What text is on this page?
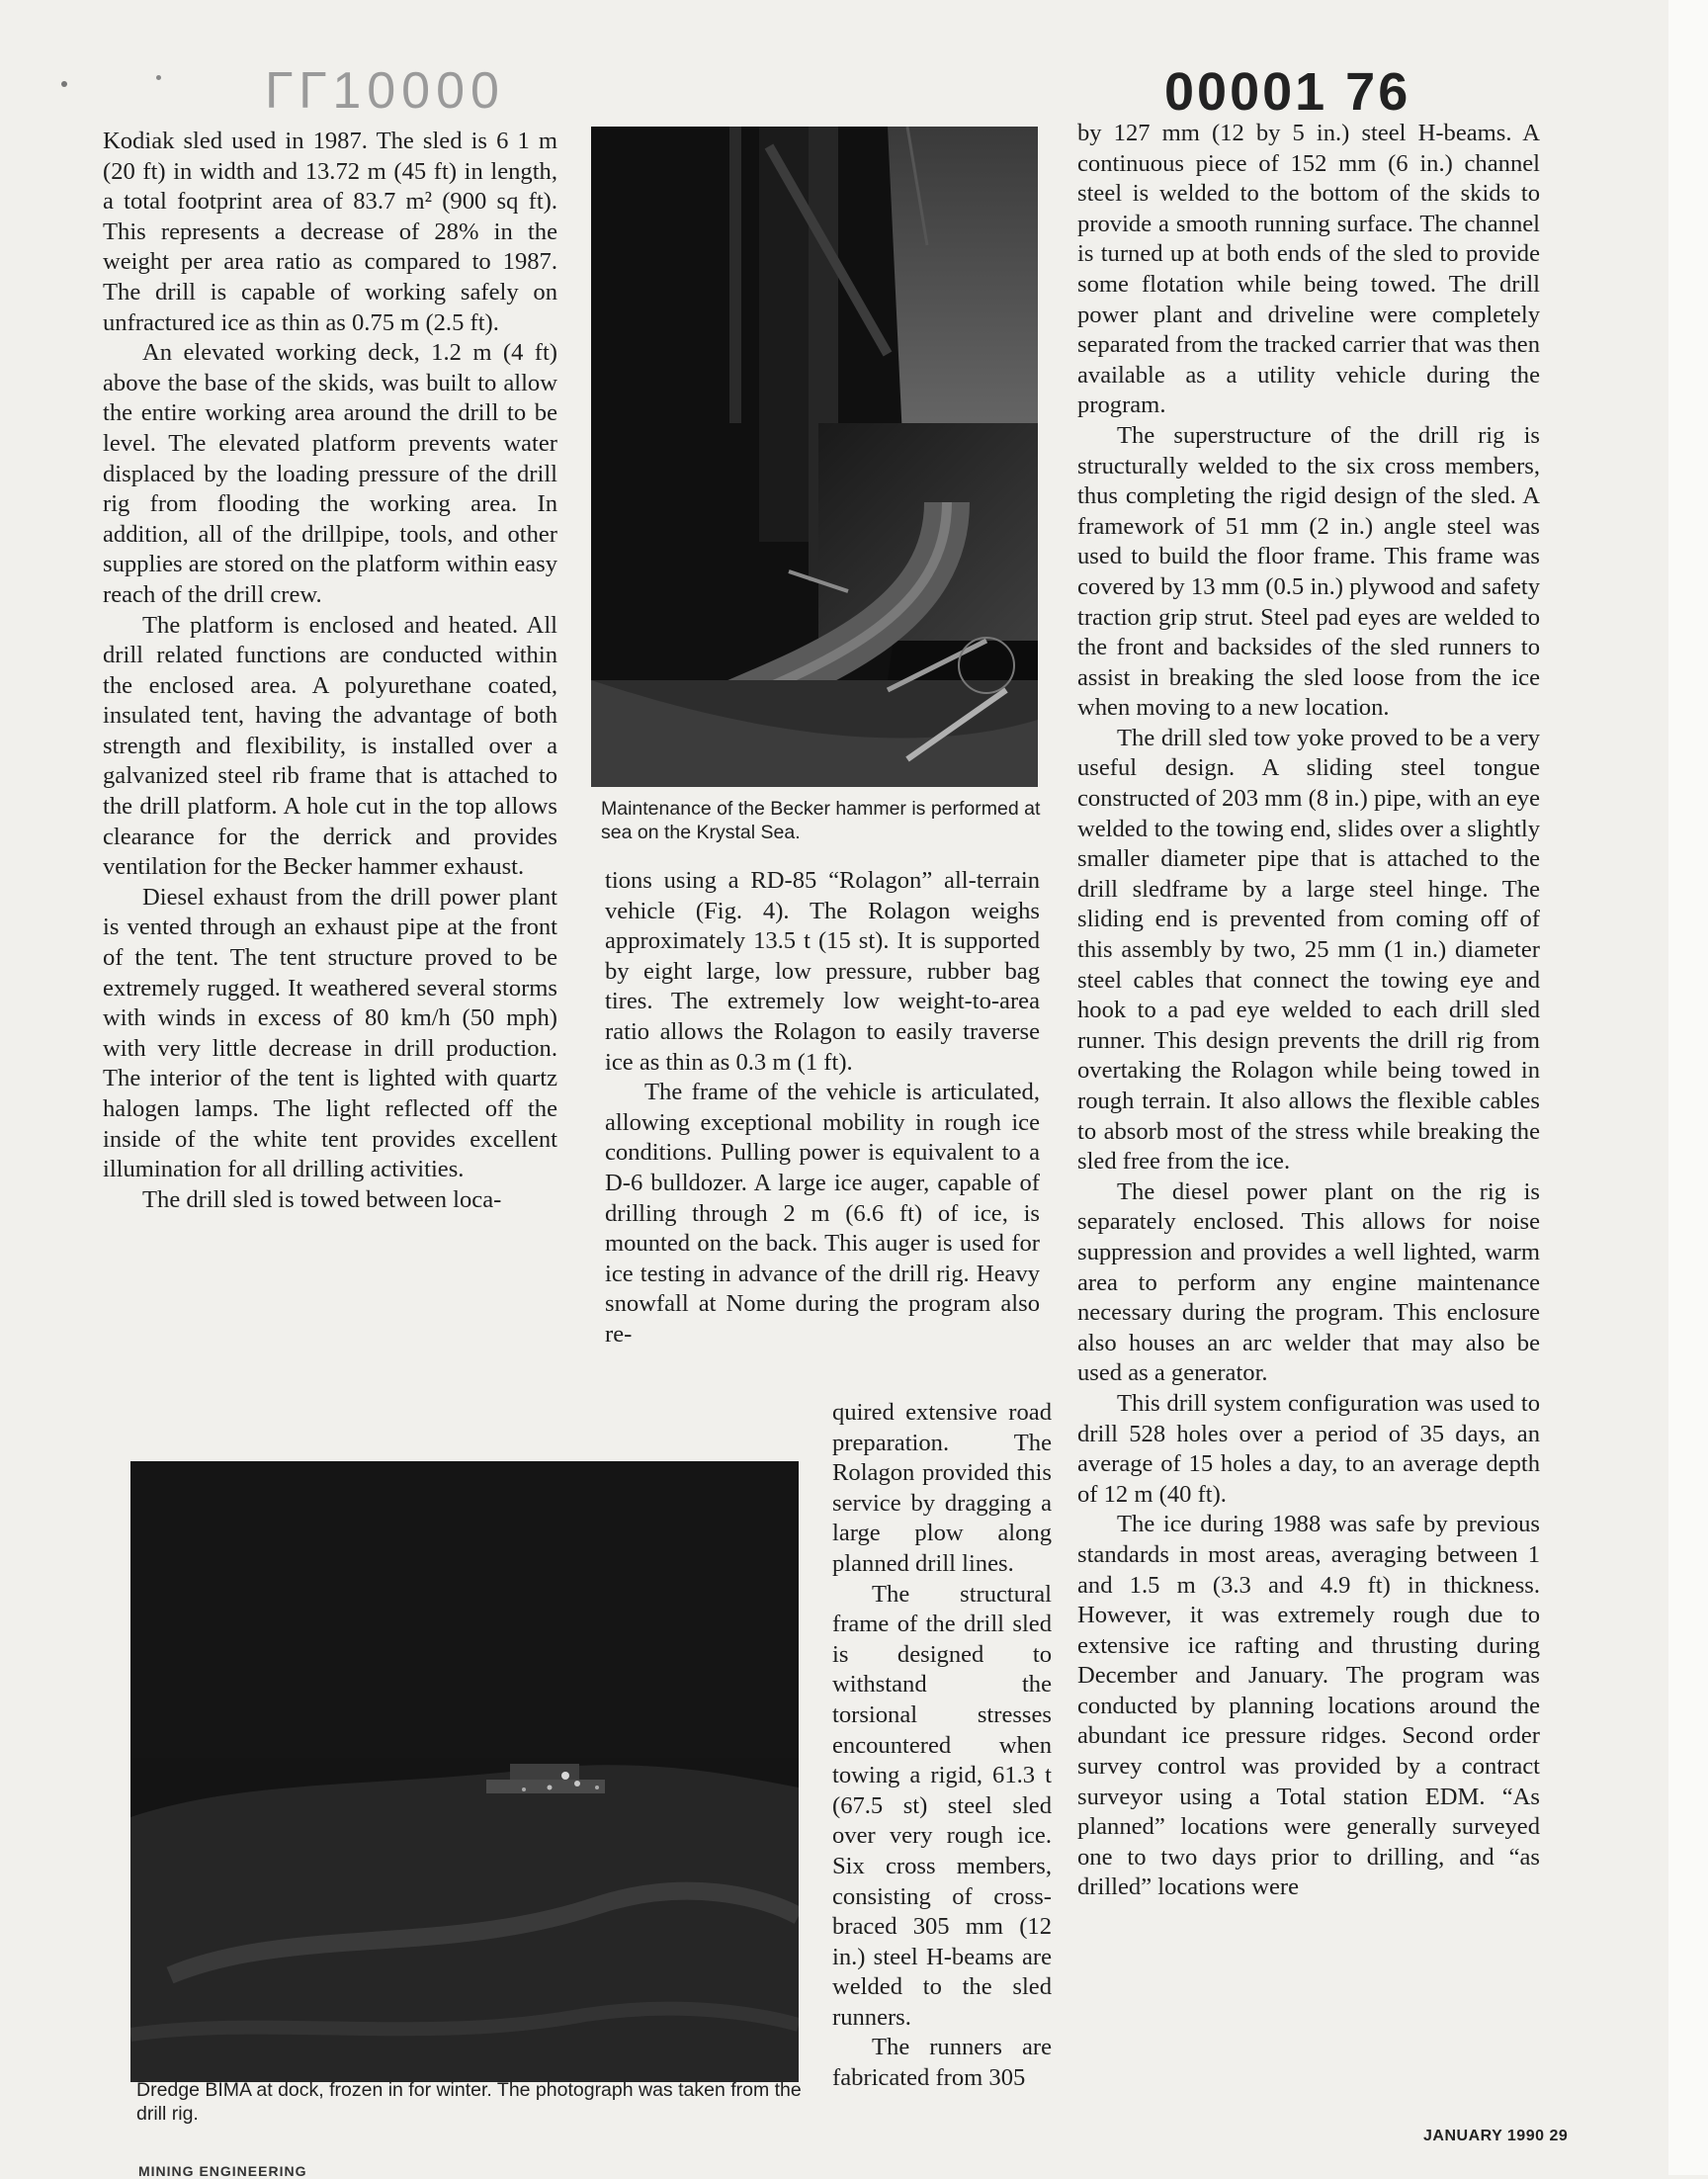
ГГ10000	00001 76

Kodiak sled used in 1987. The sled is 6 1 m (20 ft) in width and 13.72 m (45 ft) in length, a total footprint area of 83.7 m² (900 sq ft). This represents a decrease of 28% in the weight per area ratio as compared to 1987. The drill is capable of working safely on unfractured ice as thin as 0.75 m (2.5 ft).

An elevated working deck, 1.2 m (4 ft) above the base of the skids, was built to allow the entire working area around the drill to be level. The elevated platform prevents water displaced by the loading pressure of the drill rig from flooding the working area. In addition, all of the drillpipe, tools, and other supplies are stored on the platform within easy reach of the drill crew.

The platform is enclosed and heated. All drill related functions are conducted within the enclosed area. A polyurethane coated, insulated tent, having the advantage of both strength and flexibility, is installed over a galvanized steel rib frame that is attached to the drill platform. A hole cut in the top allows clearance for the derrick and provides ventilation for the Becker hammer exhaust.

Diesel exhaust from the drill power plant is vented through an exhaust pipe at the front of the tent. The tent structure proved to be extremely rugged. It weathered several storms with winds in excess of 80 km/h (50 mph) with very little decrease in drill production. The interior of the tent is lighted with quartz halogen lamps. The light reflected off the inside of the white tent provides excellent illumination for all drilling activities.

The drill sled is towed between loca-

Maintenance of the Becker hammer is performed at sea on the Krystal Sea.

tions using a RD-85 “Rolagon” all-terrain vehicle (Fig. 4). The Rolagon weighs approximately 13.5 t (15 st). It is supported by eight large, low pressure, rubber bag tires. The extremely low weight-to-area ratio allows the Rolagon to easily traverse ice as thin as 0.3 m (1 ft).

The frame of the vehicle is articulated, allowing exceptional mobility in rough ice conditions. Pulling power is equivalent to a D-6 bulldozer. A large ice auger, capable of drilling through 2 m (6.6 ft) of ice, is mounted on the back. This auger is used for ice testing in advance of the drill rig. Heavy snowfall at Nome during the program also re-

quired extensive road preparation. The Rolagon provided this service by dragging a large plow along planned drill lines.

The structural frame of the drill sled is designed to withstand the torsional stresses encountered when towing a rigid, 61.3 t (67.5 st) steel sled over very rough ice. Six cross members, consisting of cross-braced 305 mm (12 in.) steel H-beams are welded to the sled runners.

The runners are fabricated from 305

Dredge BIMA at dock, frozen in for winter. The photograph was taken from the drill rig.

by 127 mm (12 by 5 in.) steel H-beams. A continuous piece of 152 mm (6 in.) channel steel is welded to the bottom of the skids to provide a smooth running surface. The channel is turned up at both ends of the sled to provide some flotation while being towed. The drill power plant and driveline were completely separated from the tracked carrier that was then available as a utility vehicle during the program.

The superstructure of the drill rig is structurally welded to the six cross members, thus completing the rigid design of the sled. A framework of 51 mm (2 in.) angle steel was used to build the floor frame. This frame was covered by 13 mm (0.5 in.) plywood and safety traction grip strut. Steel pad eyes are welded to the front and backsides of the sled runners to assist in breaking the sled loose from the ice when moving to a new location.

The drill sled tow yoke proved to be a very useful design. A sliding steel tongue constructed of 203 mm (8 in.) pipe, with an eye welded to the towing end, slides over a slightly smaller diameter pipe that is attached to the drill sledframe by a large steel hinge. The sliding end is prevented from coming off of this assembly by two, 25 mm (1 in.) diameter steel cables that connect the towing eye and hook to a pad eye welded to each drill sled runner. This design prevents the drill rig from overtaking the Rolagon while being towed in rough terrain. It also allows the flexible cables to absorb most of the stress while breaking the sled free from the ice.

The diesel power plant on the rig is separately enclosed. This allows for noise suppression and provides a well lighted, warm area to perform any engine maintenance necessary during the program. This enclosure also houses an arc welder that may also be used as a generator.

This drill system configuration was used to drill 528 holes over a period of 35 days, an average of 15 holes a day, to an average depth of 12 m (40 ft).

The ice during 1988 was safe by previous standards in most areas, averaging between 1 and 1.5 m (3.3 and 4.9 ft) in thickness. However, it was extremely rough due to extensive ice rafting and thrusting during December and January. The program was conducted by planning locations around the abundant ice pressure ridges. Second order survey control was provided by a contract surveyor using a Total station EDM. “As planned” locations were generally surveyed one to two days prior to drilling, and “as drilled” locations were

JANUARY 1990 29
MINING ENGINEERING
